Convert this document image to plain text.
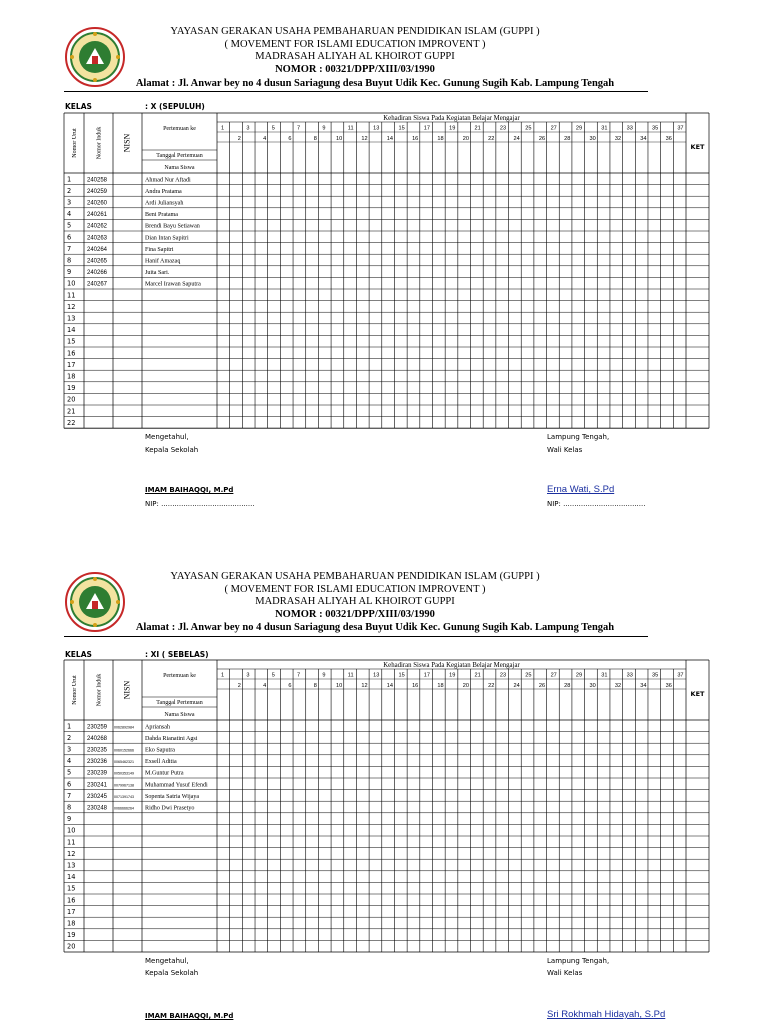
YAYASAN GERAKAN USAHA PEMBAHARUAN PENDIDIKAN ISLAM (GUPPI )
( MOVEMENT FOR ISLAMI EDUCATION IMPROVENT )
MADRASAH ALIYAH AL KHOIROT GUPPI
NOMOR : 00321/DPP/XIII/03/1990
Alamat : Jl. Anwar bey no 4 dusun Sariagung desa Buyut Udik Kec. Gunung Sugih Kab. Lampung Tengah
KELAS	: X (SEPULUH)
Kehadiran Siswa Pada Kegiatan Belajar Mengajar
Pertemuan ke
Tanggal Pertemuan
Nama Siswa
KET
Nomor Urut	Nomor Induk	NISN
1
2
3
4
5
6
7
8
9
10
11
12
13
14
15
16
17
18
19
20
21
22
23
24
25
26
27
28
29
30
31
32
33
34
35
36
37
1	240258	Ahmad Nur Aftadi
2	240259	Andra Pratama
3	240260	Ardi Juliansyah
4	240261	Beni Pratama
5	240262	Brendi Bayu Setiawan
6	240263	Dian Intan Sapitri
7	240264	Fina Sapitri
8	240265	Hanif Amazaq
9	240266	Juita Sari.
10 240267	Marcel Irawan Saputra
11
12
13
14
15
16
17
18
19
20
21
22
Mengetahul,
Kepala Sekolah
IMAM BAIHAQQI, M.Pd
NIP: ..........................................
Lampung Tengah,
Wali Kelas
Erna Wati, S.Pd
NIP: .....................................
YAYASAN GERAKAN USAHA PEMBAHARUAN PENDIDIKAN ISLAM (GUPPI )
( MOVEMENT FOR ISLAMI EDUCATION IMPROVENT )
MADRASAH ALIYAH AL KHOIROT GUPPI
NOMOR : 00321/DPP/XIII/03/1990
Alamat : Jl. Anwar bey no 4 dusun Sariagung desa Buyut Udik Kec. Gunung Sugih Kab. Lampung Tengah
KELAS	: XI ( SEBELAS)
Kehadiran Siswa Pada Kegiatan Belajar Mengajar
Pertemuan ke
Tanggal Pertemuan
Nama Siswa
KET
Nomor Urut	Nomor Induk	NISN
1
2
3
4
5
6
7
8
9
10
11
12
13
14
15
16
17
18
19
20
21
22
23
24
25
26
27
28
29
30
31
32
33
34
35
36
37
1	230259 0062892984 Apriansah
2	240268	Dahda Rianatini Agsi
3	230235 0060152666 Eko Saputra
4	230236 0065462321 Exsell Aditia
5	230239 0050353149 M.Guntur Putra
6	230241 0079967138 Muhammad Yusuf Efendi
7	230245 0071391743 Sopenta Satria Wijaya
8	230248 0066666264 Ridho Dwi Prasetyo
9
10
11
12
13
14
15
16
17
18
19
20
Mengetahul,
Kepala Sekolah
IMAM BAIHAQQI, M.Pd
Lampung Tengah,
Wali Kelas
Sri Rokhmah Hidayah, S.Pd
